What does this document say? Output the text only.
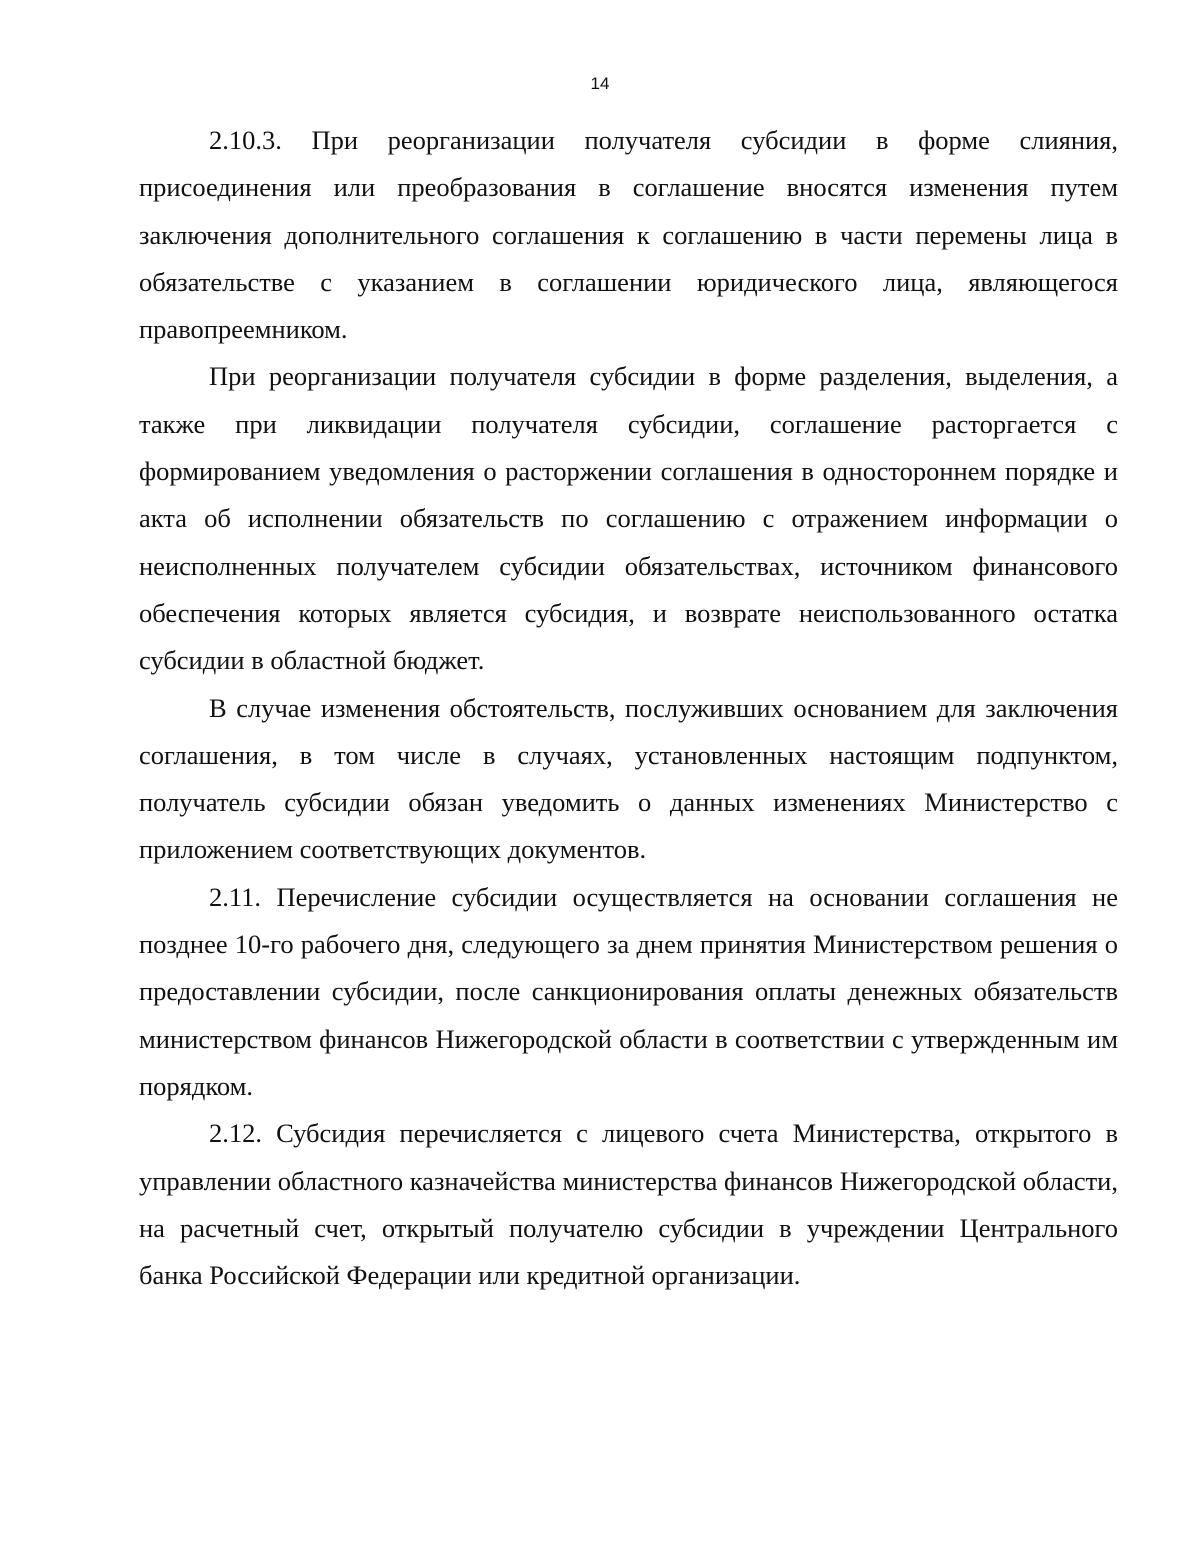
14

2.10.3. При реорганизации получателя субсидии в форме слияния, присоединения или преобразования в соглашение вносятся изменения путем заключения дополнительного соглашения к соглашению в части перемены лица в обязательстве с указанием в соглашении юридического лица, являющегося правопреемником.

При реорганизации получателя субсидии в форме разделения, выделения, а также при ликвидации получателя субсидии, соглашение расторгается с формированием уведомления о расторжении соглашения в одностороннем порядке и акта об исполнении обязательств по соглашению с отражением информации о неисполненных получателем субсидии обязательствах, источником финансового обеспечения которых является субсидия, и возврате неиспользованного остатка субсидии в областной бюджет.

В случае изменения обстоятельств, послуживших основанием для заключения соглашения, в том числе в случаях, установленных настоящим подпунктом, получатель субсидии обязан уведомить о данных изменениях Министерство с приложением соответствующих документов.

2.11. Перечисление субсидии осуществляется на основании соглашения не позднее 10-го рабочего дня, следующего за днем принятия Министерством решения о предоставлении субсидии, после санкционирования оплаты денежных обязательств министерством финансов Нижегородской области в соответствии с утвержденным им порядком.

2.12. Субсидия перечисляется с лицевого счета Министерства, открытого в управлении областного казначейства министерства финансов Нижегородской области, на расчетный счет, открытый получателю субсидии в учреждении Центрального банка Российской Федерации или кредитной организации.
